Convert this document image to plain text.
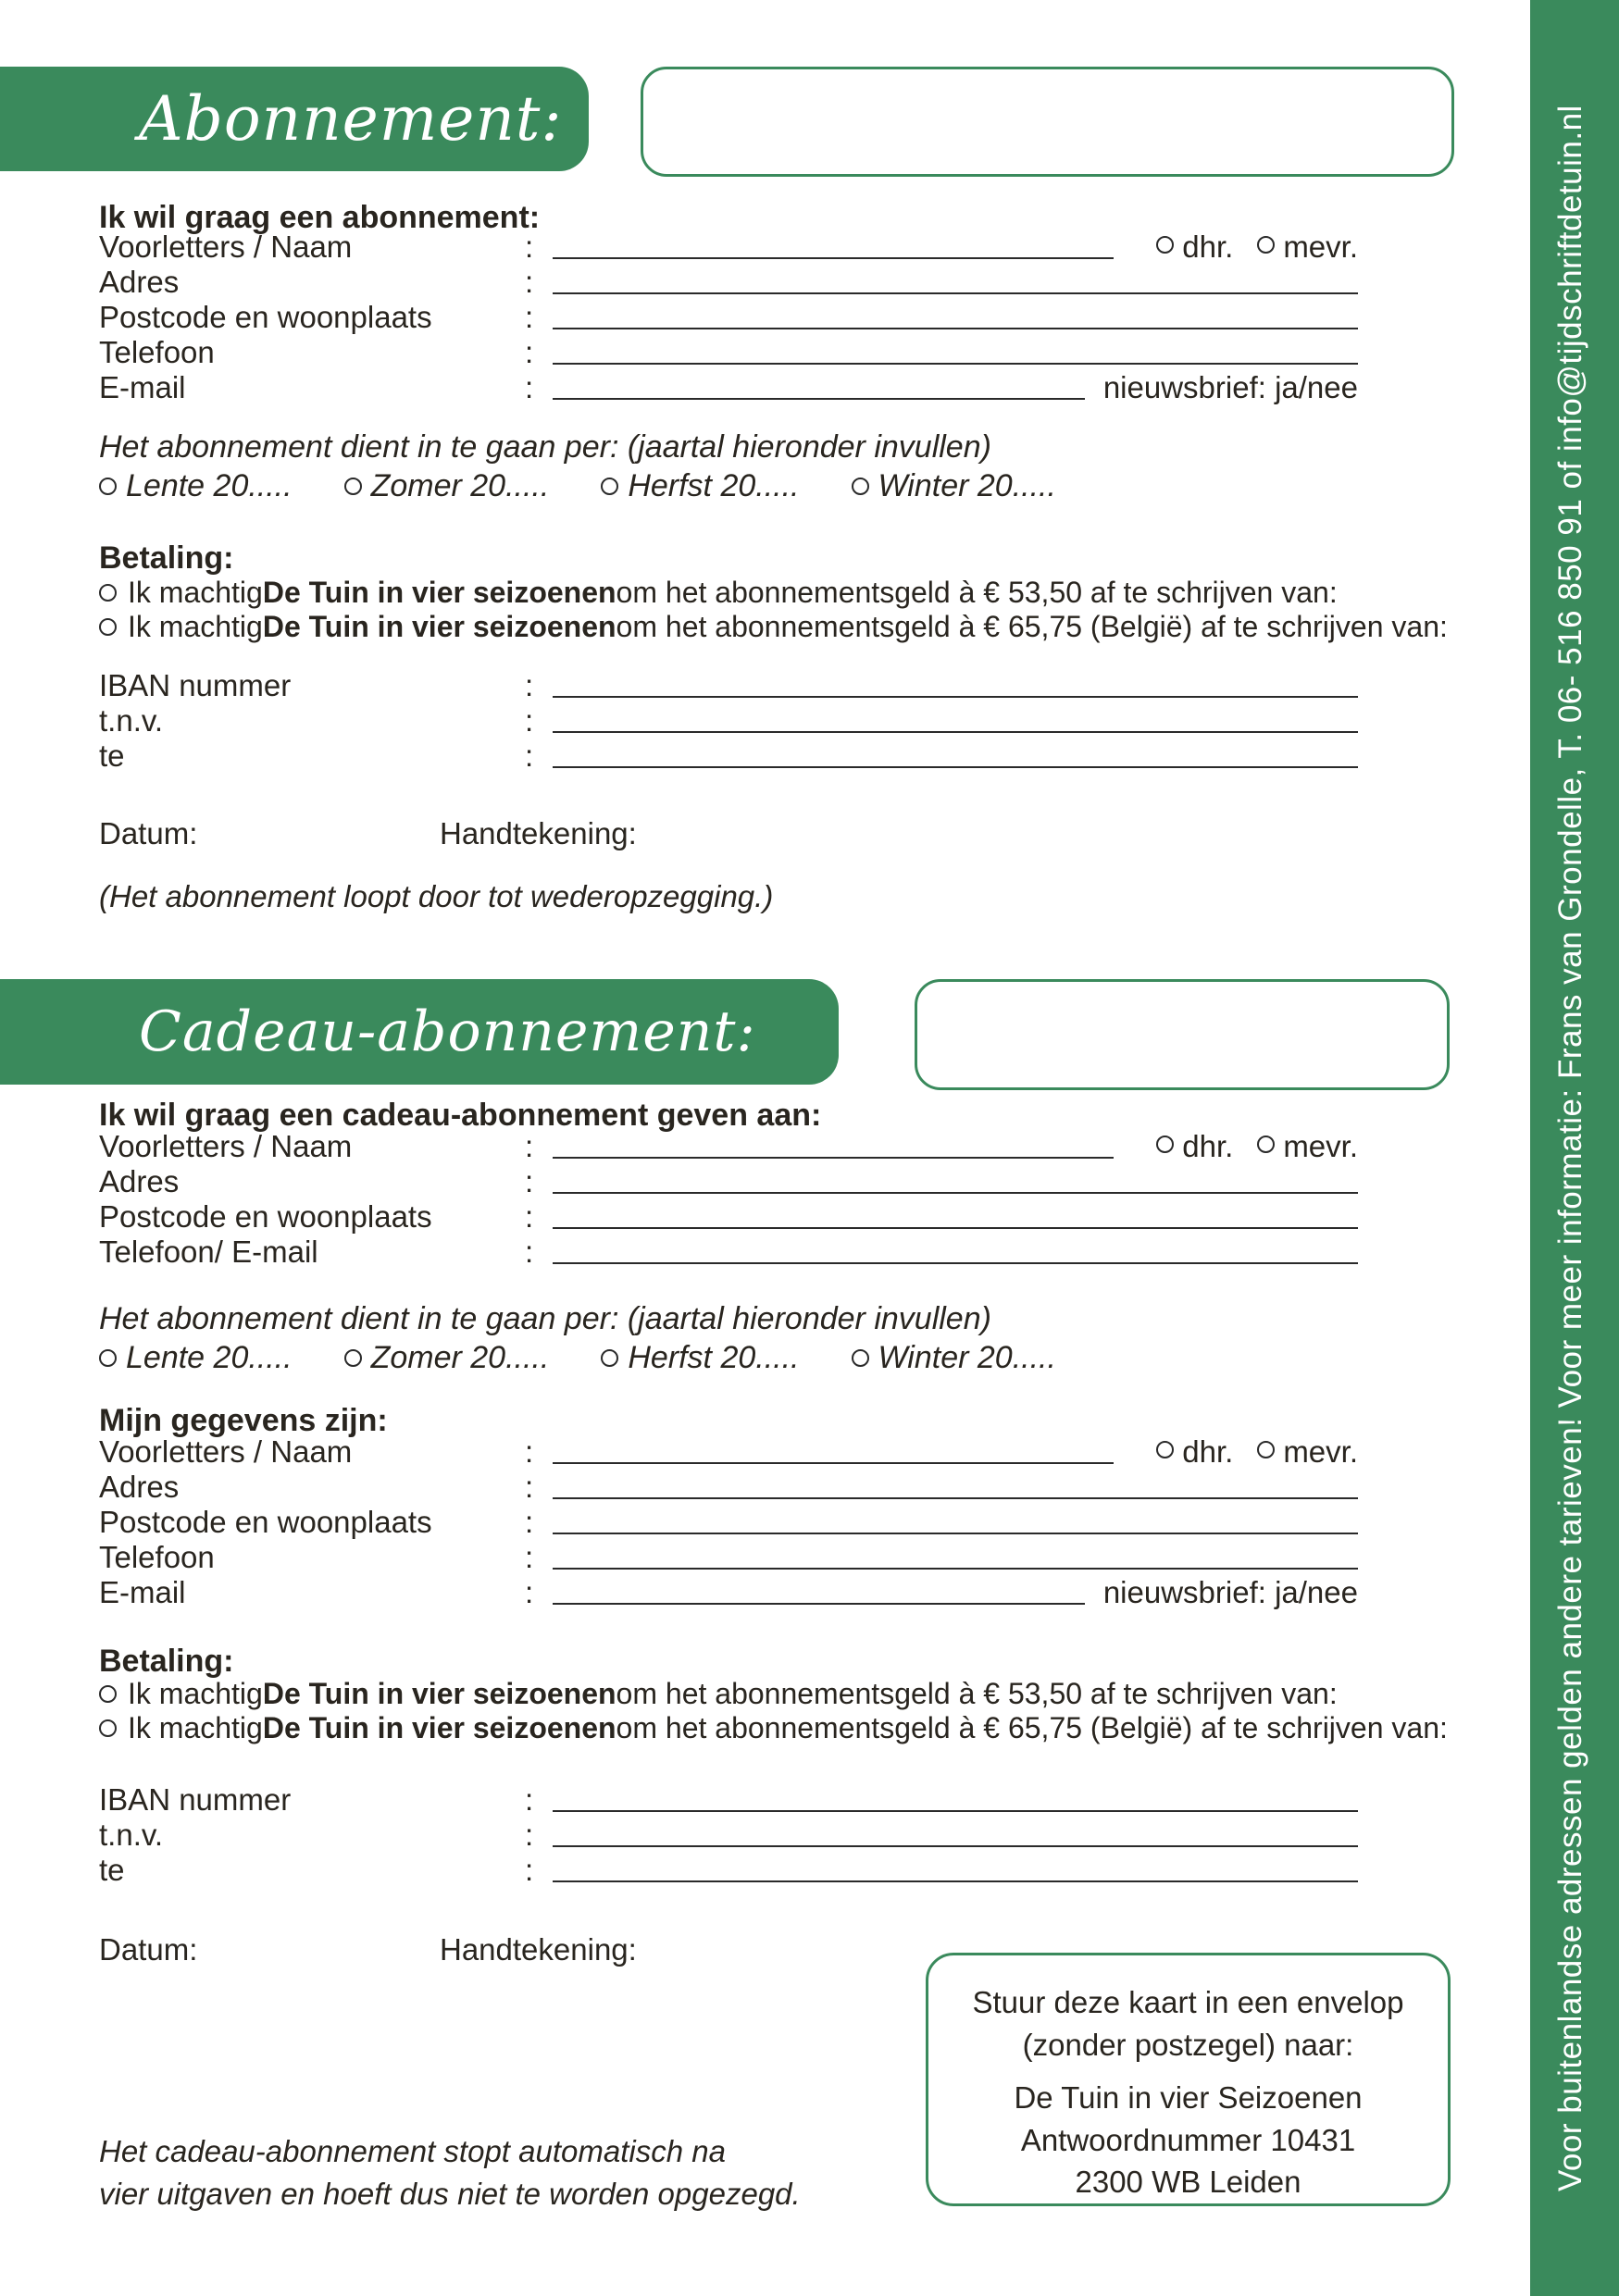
Voor buitenlandse adressen gelden andere tarieven! Voor meer informatie: Frans van Grondelle, T. 06- 516 850 91 of info@tijdschriftdetuin.nl
Abonnement:
Ik wil graag een abonnement:
Voorletters / Naam	:	dhr. mevr.
Adres	:
Postcode en woonplaats	:
Telefoon	:
E-mail	:	nieuwsbrief: ja/nee
Het abonnement dient in te gaan per: (jaartal hieronder invullen)
Lente 20.....	Zomer 20.....	Herfst 20.....	Winter 20.....
Betaling:
Ik machtig De Tuin in vier seizoenen om het abonnementsgeld à € 53,50 af te schrijven van:
Ik machtig De Tuin in vier seizoenen om het abonnementsgeld à € 65,75 (België) af te schrijven van:
IBAN nummer	:
t.n.v.	:
te	:
Datum:	Handtekening:
(Het abonnement loopt door tot wederopzegging.)
Cadeau-abonnement:
Ik wil graag een cadeau-abonnement geven aan:
Voorletters / Naam	:	dhr. mevr.
Adres	:
Postcode en woonplaats	:
Telefoon/ E-mail	:
Het abonnement dient in te gaan per: (jaartal hieronder invullen)
Lente 20.....	Zomer 20.....	Herfst 20.....	Winter 20.....
Mijn gegevens zijn:
Voorletters / Naam	:	dhr. mevr.
Adres	:
Postcode en woonplaats	:
Telefoon	:
E-mail	:	nieuwsbrief: ja/nee
Betaling:
Ik machtig De Tuin in vier seizoenen om het abonnementsgeld à € 53,50 af te schrijven van:
Ik machtig De Tuin in vier seizoenen om het abonnementsgeld à € 65,75 (België) af te schrijven van:
IBAN nummer	:
t.n.v.	:
te	:
Datum:	Handtekening:
Stuur deze kaart in een envelop
(zonder postzegel) naar:
De Tuin in vier Seizoenen
Antwoordnummer 10431
2300 WB Leiden
Het cadeau-abonnement stopt automatisch na
vier uitgaven en hoeft dus niet te worden opgezegd.
